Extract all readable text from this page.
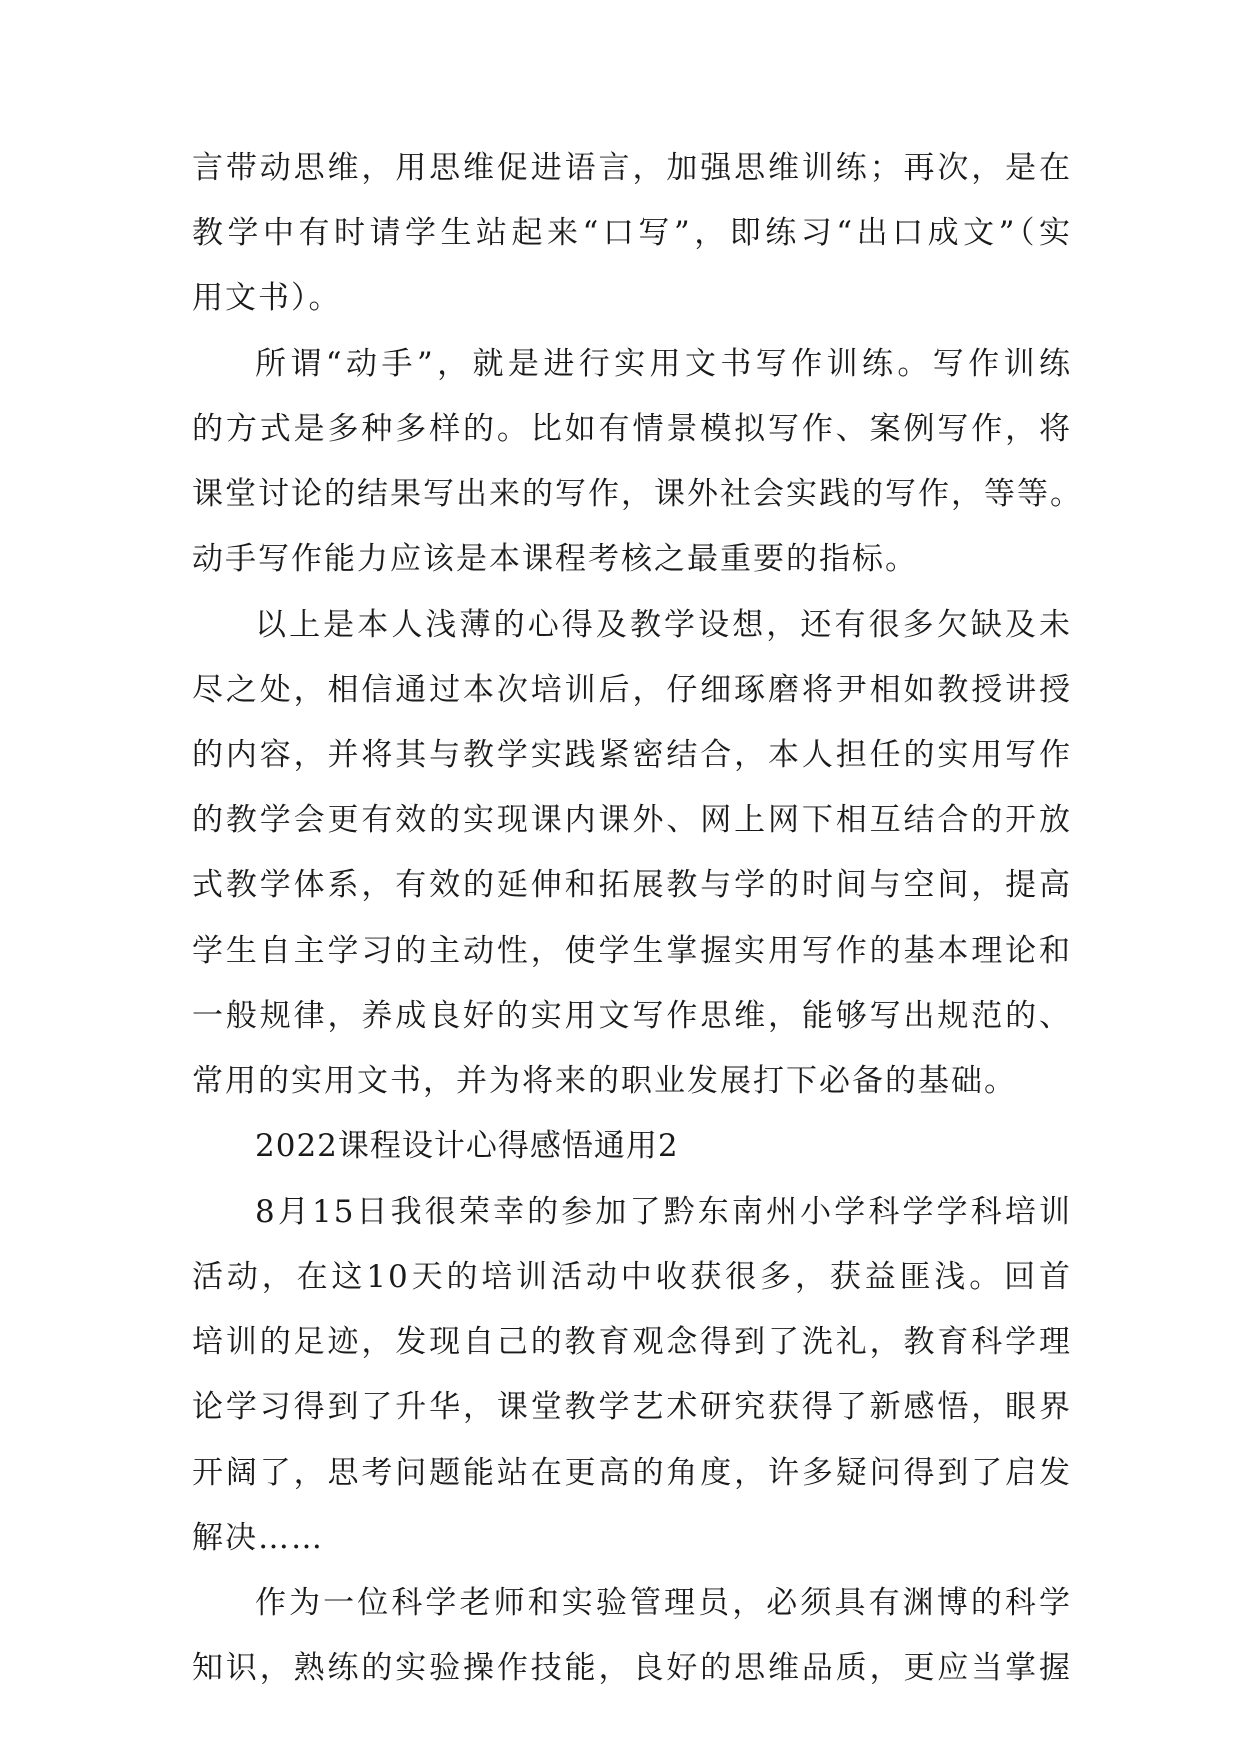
言带动思维，用思维促进语言，加强思维训练；再次，是在
教学中有时请学生站起来“口写”，即练习“出口成文”（实
用文书）。
所谓“动手”，就是进行实用文书写作训练。写作训练
的方式是多种多样的。比如有情景模拟写作、案例写作，将
课堂讨论的结果写出来的写作，课外社会实践的写作，等等。
动手写作能力应该是本课程考核之最重要的指标。
以上是本人浅薄的心得及教学设想，还有很多欠缺及未
尽之处，相信通过本次培训后，仔细琢磨将尹相如教授讲授
的内容，并将其与教学实践紧密结合，本人担任的实用写作
的教学会更有效的实现课内课外、网上网下相互结合的开放
式教学体系，有效的延伸和拓展教与学的时间与空间，提高
学生自主学习的主动性，使学生掌握实用写作的基本理论和
一般规律，养成良好的实用文写作思维，能够写出规范的、
常用的实用文书，并为将来的职业发展打下必备的基础。
2022课程设计心得感悟通用2
8月15日我很荣幸的参加了黔东南州小学科学学科培训
活动，在这10天的培训活动中收获很多，获益匪浅。回首
培训的足迹，发现自己的教育观念得到了洗礼，教育科学理
论学习得到了升华，课堂教学艺术研究获得了新感悟，眼界
开阔了，思考问题能站在更高的角度，许多疑问得到了启发
解决……
作为一位科学老师和实验管理员，必须具有渊博的科学
知识，熟练的实验操作技能，良好的思维品质，更应当掌握
